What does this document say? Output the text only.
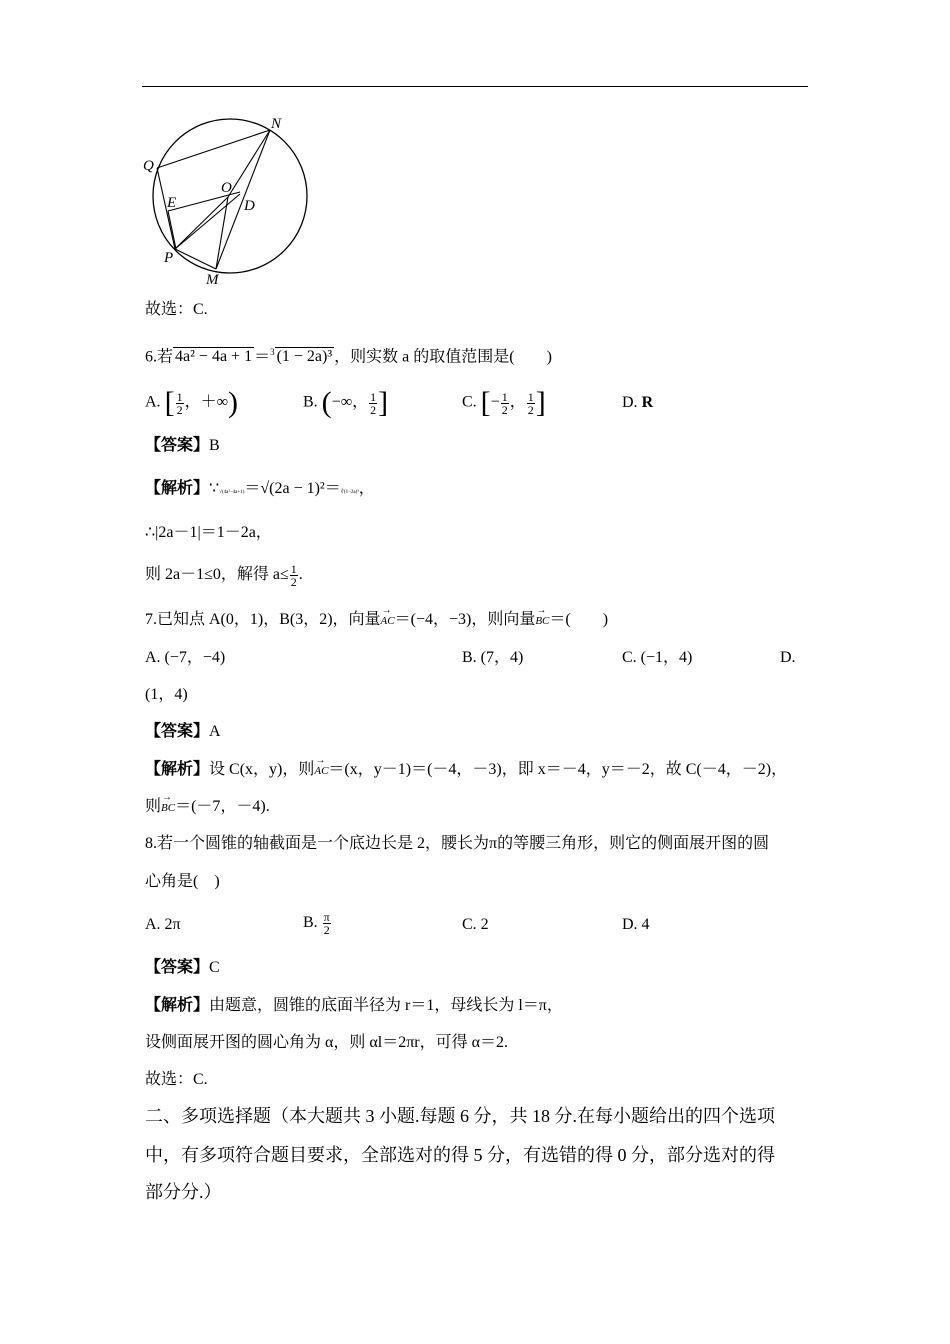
N
Q
O
E	D
P
M
故选：C.
6.若 4a² − 4a + 1 ＝$^3$ (1 − 2a)³ ，则实数 a 的取值范围是(　　)
A. [ $\frac{1}{2}$ ，＋∞)	B. (−∞， $\frac{1}{2}$ ]	C. [− $\frac{1}{2}$ ， $\frac{1}{2}$ ]	D. R
【答案】B
【解析】∵√(4a²−4a+1)＝√(2a − 1)²＝∛(1−2a)³，
∴|2a－1|＝1－2a，
则 2a－1≤0，解得 $a\le \frac{1}{2}$ .
7.已知点 A(0，1)，B(3，2)，向量→ AC＝(−4，−3)，则向量→ BC＝(　　)
A. (−7，−4)	B. (7，4)	C. (−1，4)	D.
(1，4)
【答案】A
【解析】设 C(x，y)，则→ AC＝(x，y－1)＝(－4，－3)，即 x＝－4，y＝－2，故 C(－4，－2)，
则→ BC＝(－7，－4).
8.若一个圆锥的轴截面是一个底边长是 2，腰长为π的等腰三角形，则它的侧面展开图的圆
心角是(　)
A. 2π	B. $\frac{\pi}{2}$	C. 2	D. 4
【答案】C
【解析】由题意，圆锥的底面半径为 r＝1，母线长为 l＝π，
设侧面展开图的圆心角为 α，则 αl＝2πr，可得 α＝2.
故选：C.
二、多项选择题（本大题共 3 小题.每题 6 分，共 18 分.在每小题给出的四个选项
中，有多项符合题目要求，全部选对的得 5 分，有选错的得 0 分，部分选对的得
部分分.）
